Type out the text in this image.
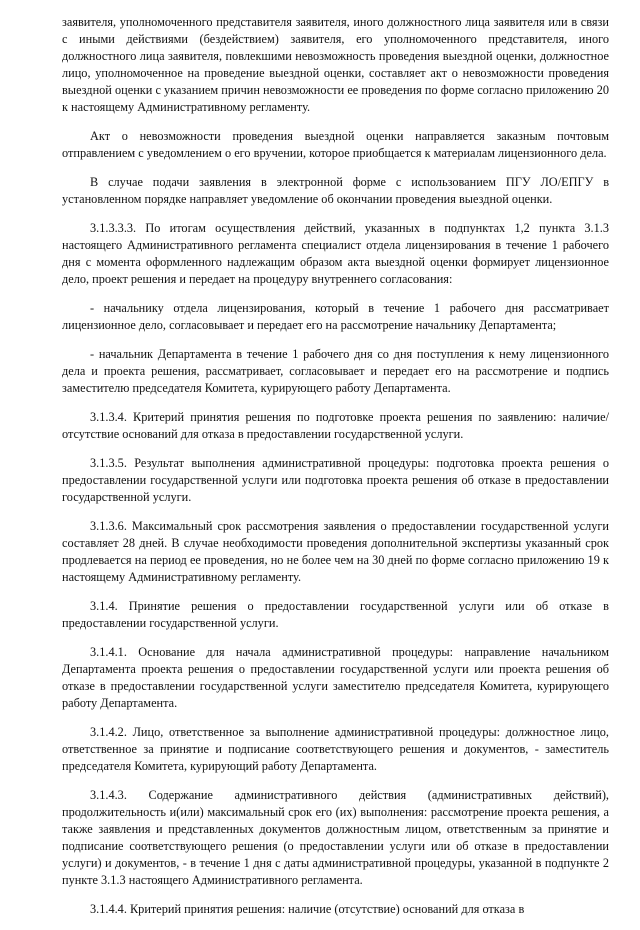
заявителя, уполномоченного представителя заявителя, иного должностного лица заявителя или в связи с иными действиями (бездействием) заявителя, его уполномоченного представителя, иного должностного лица заявителя, повлекшими невозможность проведения выездной оценки, должностное лицо, уполномоченное на проведение выездной оценки, составляет акт о невозможности проведения выездной оценки с указанием причин невозможности ее проведения по форме согласно приложению 20 к настоящему Административному регламенту.

Акт о невозможности проведения выездной оценки направляется заказным почтовым отправлением с уведомлением о его вручении, которое приобщается к материалам лицензионного дела.

В случае подачи заявления в электронной форме с использованием ПГУ ЛО/ЕПГУ в установленном порядке направляет уведомление об окончании проведения выездной оценки.

3.1.3.3.3. По итогам осуществления действий, указанных в подпунктах 1,2 пункта 3.1.3 настоящего Административного регламента специалист отдела лицензирования в течение 1 рабочего дня с момента оформленного надлежащим образом акта выездной оценки формирует лицензионное дело, проект решения и передает на процедуру внутреннего согласования:

- начальнику отдела лицензирования, который в течение 1 рабочего дня рассматривает лицензионное дело, согласовывает и передает его на рассмотрение начальнику Департамента;

- начальник Департамента в течение 1 рабочего дня со дня поступления к нему лицензионного дела и проекта решения, рассматривает, согласовывает и передает его на рассмотрение и подпись заместителю председателя Комитета, курирующего работу Департамента.

3.1.3.4. Критерий принятия решения по подготовке проекта решения по заявлению: наличие/отсутствие оснований для отказа в предоставлении государственной услуги.

3.1.3.5. Результат выполнения административной процедуры: подготовка проекта решения о предоставлении государственной услуги или подготовка проекта решения об отказе в предоставлении государственной услуги.

3.1.3.6. Максимальный срок рассмотрения заявления о предоставлении государственной услуги составляет 28 дней. В случае необходимости проведения дополнительной экспертизы указанный срок продлевается на период ее проведения, но не более чем на 30 дней по форме согласно приложению 19 к настоящему Административному регламенту.

3.1.4. Принятие решения о предоставлении государственной услуги или об отказе в предоставлении государственной услуги.

3.1.4.1. Основание для начала административной процедуры: направление начальником Департамента проекта решения о предоставлении государственной услуги или проекта решения об отказе в предоставлении государственной услуги заместителю председателя Комитета, курирующего работу Департамента.

3.1.4.2. Лицо, ответственное за выполнение административной процедуры: должностное лицо, ответственное за принятие и подписание соответствующего решения и документов, - заместитель председателя Комитета, курирующий работу Департамента.

3.1.4.3. Содержание административного действия (административных действий), продолжительность и(или) максимальный срок его (их) выполнения: рассмотрение проекта решения, а также заявления и представленных документов должностным лицом, ответственным за принятие и подписание соответствующего решения (о предоставлении услуги или об отказе в предоставлении услуги) и документов, - в течение 1 дня с даты административной процедуры, указанной в подпункте 2 пункте 3.1.3 настоящего Административного регламента.

3.1.4.4. Критерий принятия решения: наличие (отсутствие) оснований для отказа в
